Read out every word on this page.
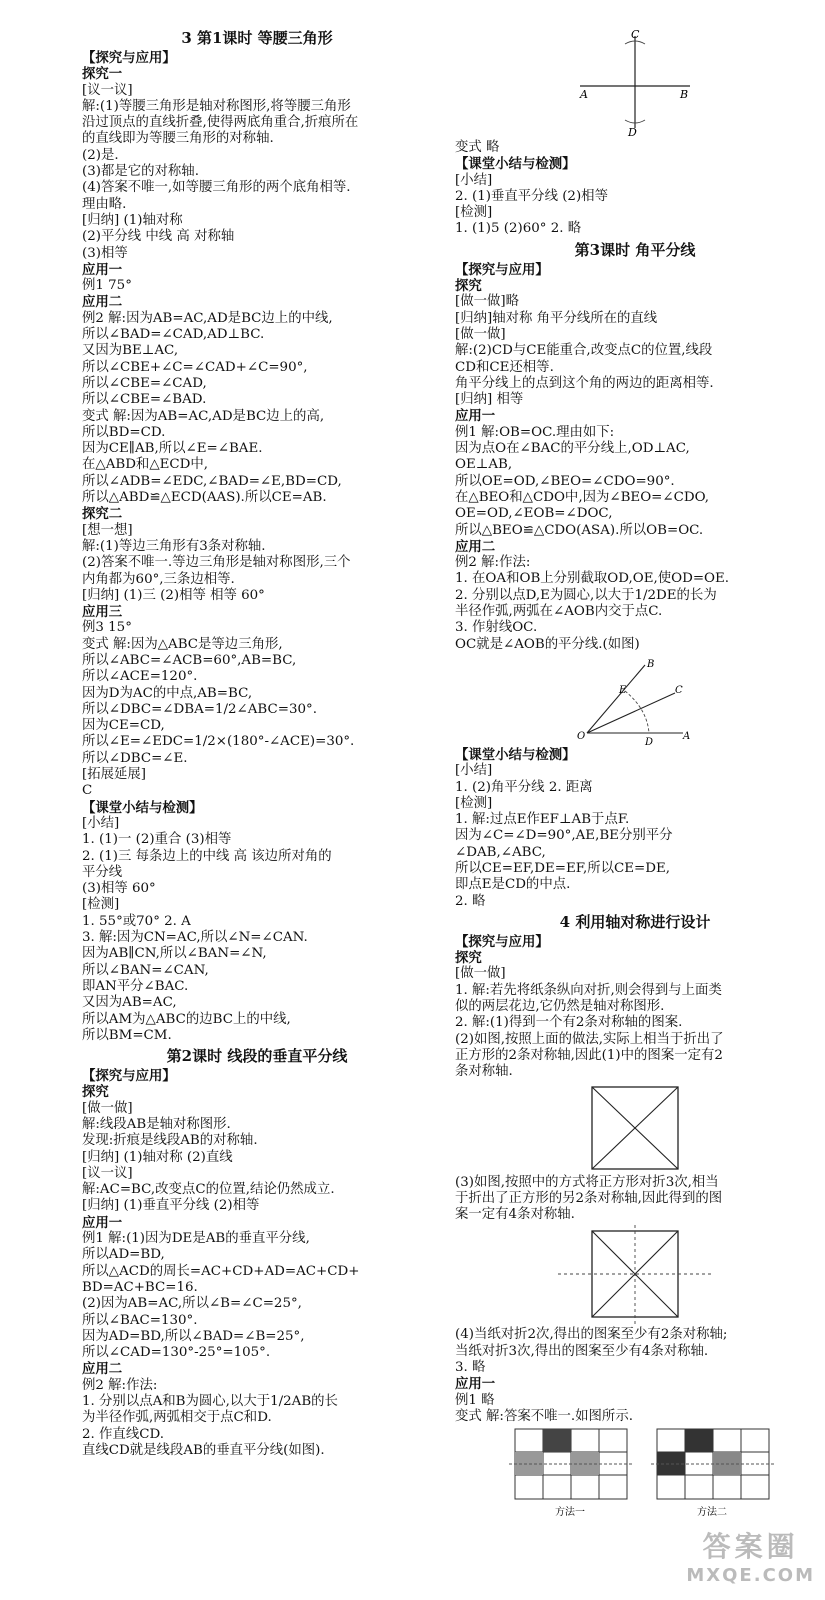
3 第1课时 等腰三角形
【探究与应用】
探究一
[议一议]
解:(1)等腰三角形是轴对称图形,将等腰三角形
沿过顶点的直线折叠,使得两底角重合,折痕所在
的直线即为等腰三角形的对称轴.
(2)是.
(3)都是它的对称轴.
(4)答案不唯一,如等腰三角形的两个底角相等.
理由略.
[归纳] (1)轴对称
(2)平分线 中线 高 对称轴
(3)相等
应用一
例1 75°
应用二
例2 解:因为AB=AC,AD是BC边上的中线,
所以∠BAD=∠CAD,AD⊥BC.
又因为BE⊥AC,
所以∠CBE+∠C=∠CAD+∠C=90°,
所以∠CBE=∠CAD,
所以∠CBE=∠BAD.
变式 解:因为AB=AC,AD是BC边上的高,
所以BD=CD.
因为CE∥AB,所以∠E=∠BAE.
在△ABD和△ECD中,
所以∠ADB=∠EDC,∠BAD=∠E,BD=CD,
所以△ABD≌△ECD(AAS).所以CE=AB.
探究二
[想一想]
解:(1)等边三角形有3条对称轴.
(2)答案不唯一.等边三角形是轴对称图形,三个
内角都为60°,三条边相等.
[归纳] (1)三 (2)相等 相等 60°
应用三
例3 15°
变式 解:因为△ABC是等边三角形,
所以∠ABC=∠ACB=60°,AB=BC,
所以∠ACE=120°.
因为D为AC的中点,AB=BC,
所以∠DBC=∠DBA=1/2∠ABC=30°.
因为CE=CD,
所以∠E=∠EDC=1/2×(180°-∠ACE)=30°.
所以∠DBC=∠E.
[拓展延展]
C
【课堂小结与检测】
[小结]
1. (1)一 (2)重合 (3)相等
2. (1)三 每条边上的中线 高 该边所对角的
平分线
(3)相等 60°
[检测]
1. 55°或70° 2. A
3. 解:因为CN=AC,所以∠N=∠CAN.
因为AB∥CN,所以∠BAN=∠N,
所以∠BAN=∠CAN,
即AN平分∠BAC.
又因为AB=AC,
所以AM为△ABC的边BC上的中线,
所以BM=CM.
第2课时 线段的垂直平分线
【探究与应用】
探究
[做一做]
解:线段AB是轴对称图形.
发现:折痕是线段AB的对称轴.
[归纳] (1)轴对称 (2)直线
[议一议]
解:AC=BC,改变点C的位置,结论仍然成立.
[归纳] (1)垂直平分线 (2)相等
应用一
例1 解:(1)因为DE是AB的垂直平分线,
所以AD=BD,
所以△ACD的周长=AC+CD+AD=AC+CD+
BD=AC+BC=16.
(2)因为AB=AC,所以∠B=∠C=25°,
所以∠BAC=130°.
因为AD=BD,所以∠BAD=∠B=25°,
所以∠CAD=130°-25°=105°.
应用二
例2 解:作法:
1. 分别以点A和B为圆心,以大于1/2AB的长
为半径作弧,两弧相交于点C和D.
2. 作直线CD.
直线CD就是线段AB的垂直平分线(如图).
C
A	B
D
变式 略
【课堂小结与检测】
[小结]
2. (1)垂直平分线 (2)相等
[检测]
1. (1)5 (2)60° 2. 略
第3课时 角平分线
【探究与应用】
探究
[做一做]略
[归纳]轴对称 角平分线所在的直线
[做一做]
解:(2)CD与CE能重合,改变点C的位置,线段
CD和CE还相等.
角平分线上的点到这个角的两边的距离相等.
[归纳] 相等
应用一
例1 解:OB=OC.理由如下:
因为点O在∠BAC的平分线上,OD⊥AC,
OE⊥AB,
所以OE=OD,∠BEO=∠CDO=90°.
在△BEO和△CDO中,因为∠BEO=∠CDO,
OE=OD,∠EOB=∠DOC,
所以△BEO≌△CDO(ASA).所以OB=OC.
应用二
例2 解:作法:
1. 在OA和OB上分别截取OD,OE,使OD=OE.
2. 分别以点D,E为圆心,以大于1/2DE的长为
半径作弧,两弧在∠AOB内交于点C.
3. 作射线OC.
OC就是∠AOB的平分线.(如图)
O	A
B
C
D
E
【课堂小结与检测】
[小结]
1. (2)角平分线 2. 距离
[检测]
1. 解:过点E作EF⊥AB于点F.
因为∠C=∠D=90°,AE,BE分别平分
∠DAB,∠ABC,
所以CE=EF,DE=EF,所以CE=DE,
即点E是CD的中点.
2. 略
4 利用轴对称进行设计
【探究与应用】
探究
[做一做]
1. 解:若先将纸条纵向对折,则会得到与上面类
似的两层花边,它仍然是轴对称图形.
2. 解:(1)得到一个有2条对称轴的图案.
(2)如图,按照上面的做法,实际上相当于折出了
正方形的2条对称轴,因此(1)中的图案一定有2
条对称轴.
(3)如图,按照中的方式将正方形对折3次,相当
于折出了正方形的另2条对称轴,因此得到的图
案一定有4条对称轴.
(4)当纸对折2次,得出的图案至少有2条对称轴;
当纸对折3次,得出的图案至少有4条对称轴.
3. 略
应用一
例1 略
变式 解:答案不唯一.如图所示.
方法一	方法二
答案圈
MXQE.COM
